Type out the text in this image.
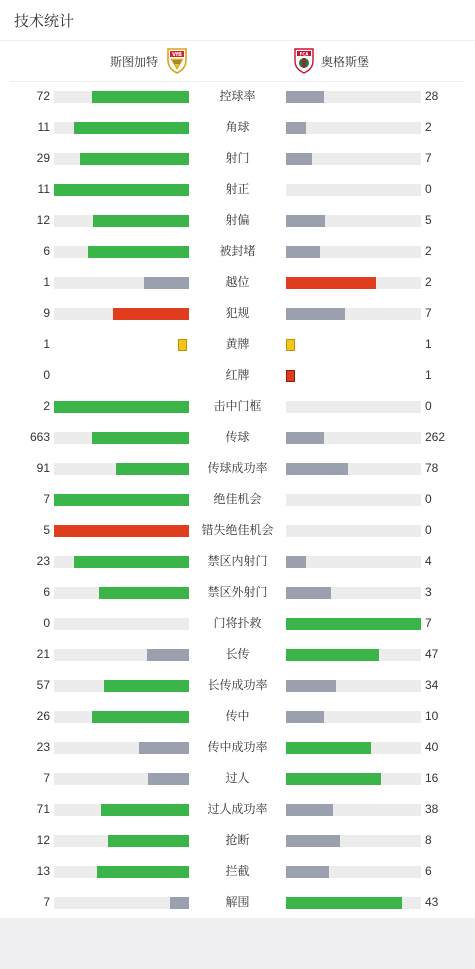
技术统计
斯图加特	VfB	FCA
奥格斯堡
72	控球率	28
11	角球	2
29	射门	7
11	射正	0
12	射偏	5
6	被封堵	2
1	越位	2
9	犯规	7
1	黄牌	1
0	红牌	1
2	击中门框	0
663	传球	262
91	传球成功率	78
7	绝佳机会	0
5	错失绝佳机会	0
23	禁区内射门	4
6	禁区外射门	3
0	门将扑救	7
21	长传	47
57	长传成功率	34
26	传中	10
23	传中成功率	40
7	过人	16
71	过人成功率	38
12	抢断	8
13	拦截	6
7	解围	43
